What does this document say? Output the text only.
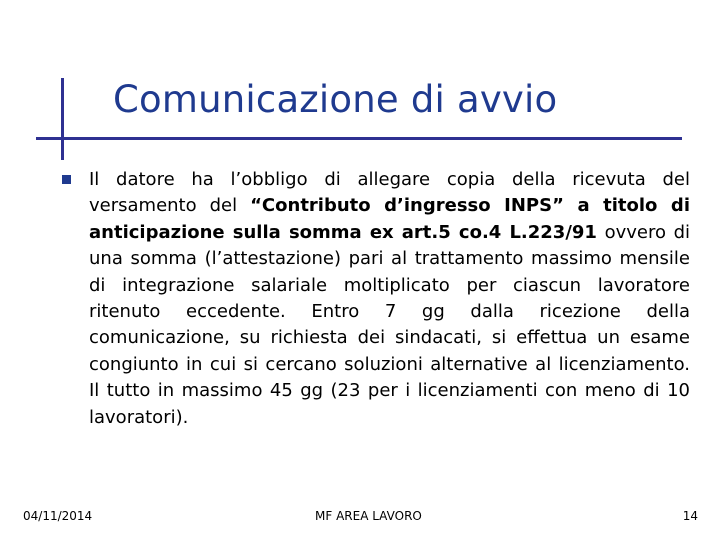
Comunicazione di avvio
Il datore ha l’obbligo di allegare copia della ricevuta del versamento del “Contributo d’ingresso INPS” a titolo di anticipazione sulla somma ex art.5 co.4 L.223/91 ovvero di una somma (l’attestazione) pari al trattamento massimo mensile di integrazione salariale moltiplicato per ciascun lavoratore ritenuto eccedente. Entro 7 gg dalla ricezione della comunicazione, su richiesta dei sindacati, si effettua un esame congiunto in cui si cercano soluzioni alternative al licenziamento. Il tutto in massimo 45 gg (23 per i licenziamenti con meno di 10 lavoratori).
04/11/2014	MF AREA LAVORO	14
